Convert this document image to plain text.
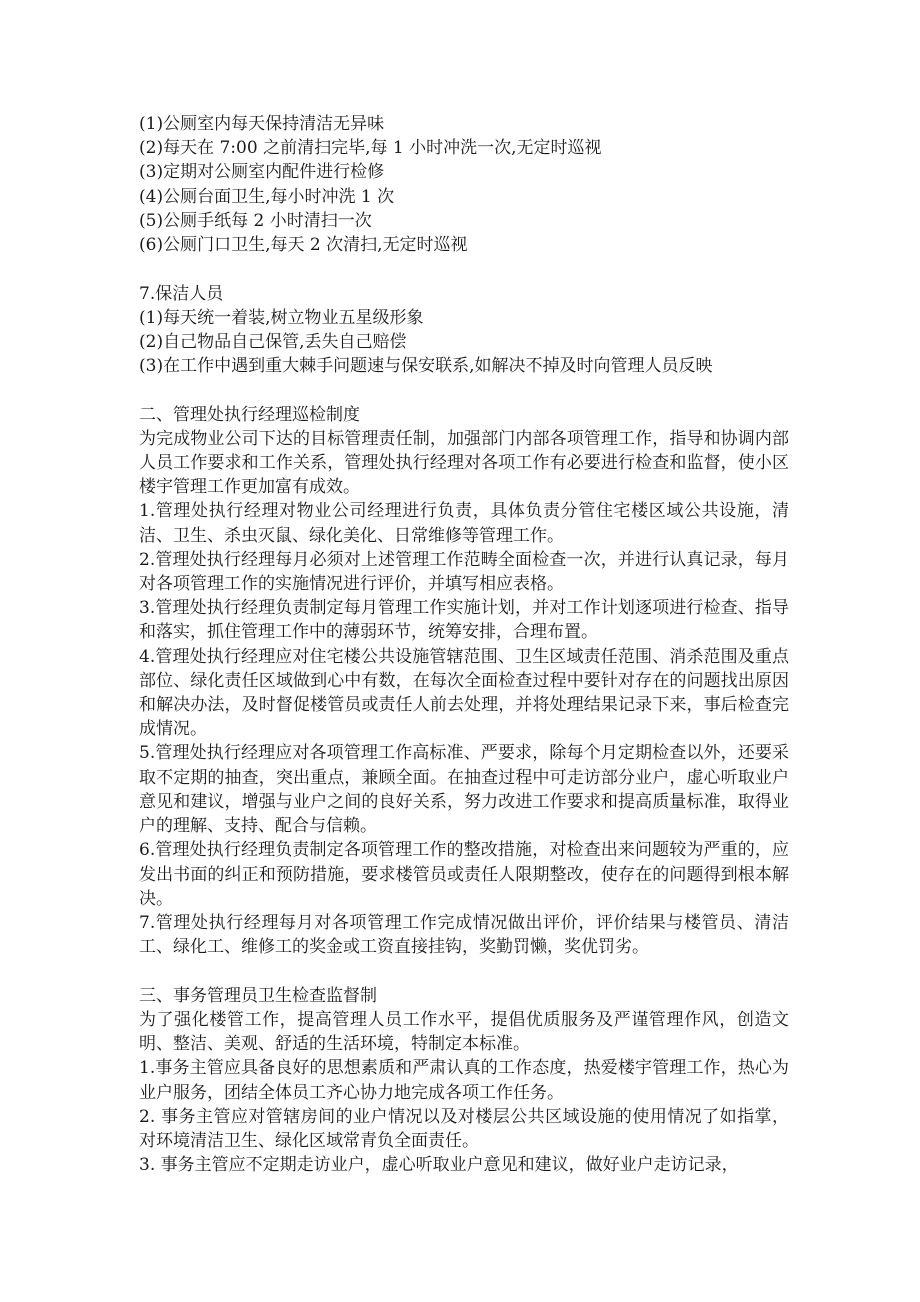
(1)公厕室内每天保持清洁无异味
(2)每天在 7:00 之前清扫完毕,每 1 小时冲洗一次,无定时巡视
(3)定期对公厕室内配件进行检修
(4)公厕台面卫生,每小时冲洗 1 次
(5)公厕手纸每 2 小时清扫一次
(6)公厕门口卫生,每天 2 次清扫,无定时巡视
7.保洁人员
(1)每天统一着装,树立物业五星级形象
(2)自己物品自己保管,丢失自己赔偿
(3)在工作中遇到重大棘手问题速与保安联系,如解决不掉及时向管理人员反映
二、管理处执行经理巡检制度
为完成物业公司下达的目标管理责任制，加强部门内部各项管理工作，指导和协调内部人员工作要求和工作关系，管理处执行经理对各项工作有必要进行检查和监督，使小区楼宇管理工作更加富有成效。
1.管理处执行经理对物业公司经理进行负责，具体负责分管住宅楼区域公共设施，清洁、卫生、杀虫灭鼠、绿化美化、日常维修等管理工作。
2.管理处执行经理每月必须对上述管理工作范畴全面检查一次，并进行认真记录，每月对各项管理工作的实施情况进行评价，并填写相应表格。
3.管理处执行经理负责制定每月管理工作实施计划，并对工作计划逐项进行检查、指导和落实，抓住管理工作中的薄弱环节，统筹安排，合理布置。
4.管理处执行经理应对住宅楼公共设施管辖范围、卫生区域责任范围、消杀范围及重点部位、绿化责任区域做到心中有数，在每次全面检查过程中要针对存在的问题找出原因和解决办法，及时督促楼管员或责任人前去处理，并将处理结果记录下来，事后检查完成情况。
5.管理处执行经理应对各项管理工作高标准、严要求，除每个月定期检查以外，还要采取不定期的抽查，突出重点，兼顾全面。在抽查过程中可走访部分业户，虚心听取业户意见和建议，增强与业户之间的良好关系，努力改进工作要求和提高质量标准，取得业户的理解、支持、配合与信赖。
6.管理处执行经理负责制定各项管理工作的整改措施，对检查出来问题较为严重的，应发出书面的纠正和预防措施，要求楼管员或责任人限期整改，使存在的问题得到根本解决。
7.管理处执行经理每月对各项管理工作完成情况做出评价，评价结果与楼管员、清洁工、绿化工、维修工的奖金或工资直接挂钩，奖勤罚懒，奖优罚劣。
三、事务管理员卫生检查监督制
为了强化楼管工作，提高管理人员工作水平，提倡优质服务及严谨管理作风，创造文明、整洁、美观、舒适的生活环境，特制定本标准。
1.事务主管应具备良好的思想素质和严肃认真的工作态度，热爱楼宇管理工作，热心为业户服务，团结全体员工齐心协力地完成各项工作任务。
2. 事务主管应对管辖房间的业户情况以及对楼层公共区域设施的使用情况了如指掌，对环境清洁卫生、绿化区域常青负全面责任。
3. 事务主管应不定期走访业户，虚心听取业户意见和建议，做好业户走访记录，
